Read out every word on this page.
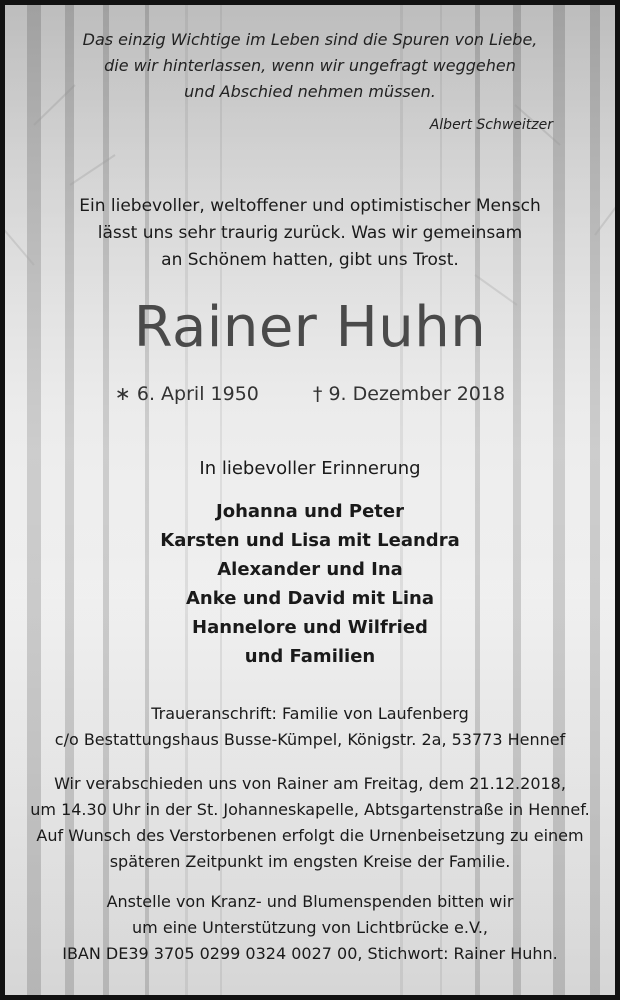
Das einzig Wichtige im Leben sind die Spuren von Liebe,
die wir hinterlassen, wenn wir ungefragt weggehen
und Abschied nehmen müssen.
Albert Schweitzer
Ein liebevoller, weltoffener und optimistischer Mensch
lässt uns sehr traurig zurück. Was wir gemeinsam
an Schönem hatten, gibt uns Trost.
Rainer Huhn
∗ 6. April 1950	† 9. Dezember 2018
In liebevoller Erinnerung
Johanna und Peter
Karsten und Lisa mit Leandra
Alexander und Ina
Anke und David mit Lina
Hannelore und Wilfried
und Familien
Traueranschrift: Familie von Laufenberg
c/o Bestattungshaus Busse-Kümpel, Königstr. 2a, 53773 Hennef
Wir verabschieden uns von Rainer am Freitag, dem 21.12.2018,
um 14.30 Uhr in der St. Johanneskapelle, Abtsgartenstraße in Hennef.
Auf Wunsch des Verstorbenen erfolgt die Urnenbeisetzung zu einem
späteren Zeitpunkt im engsten Kreise der Familie.
Anstelle von Kranz- und Blumenspenden bitten wir
um eine Unterstützung von Lichtbrücke e.V.,
IBAN DE39 3705 0299 0324 0027 00, Stichwort: Rainer Huhn.
